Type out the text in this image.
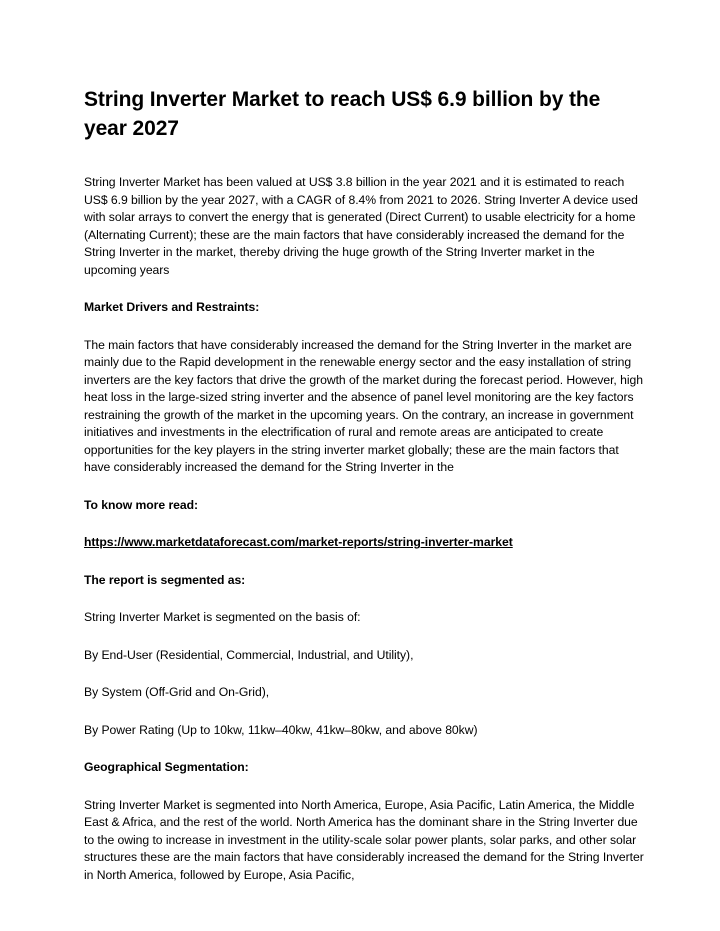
String Inverter Market to reach US$ 6.9 billion by the year 2027

String Inverter Market has been valued at US$ 3.8 billion in the year 2021 and it is estimated to reach US$ 6.9 billion by the year 2027, with a CAGR of 8.4% from 2021 to 2026. String Inverter A device used with solar arrays to convert the energy that is generated (Direct Current) to usable electricity for a home (Alternating Current); these are the main factors that have considerably increased the demand for the String Inverter in the market, thereby driving the huge growth of the String Inverter market in the upcoming years

Market Drivers and Restraints:

The main factors that have considerably increased the demand for the String Inverter in the market are mainly due to the Rapid development in the renewable energy sector and the easy installation of string inverters are the key factors that drive the growth of the market during the forecast period. However, high heat loss in the large-sized string inverter and the absence of panel level monitoring are the key factors restraining the growth of the market in the upcoming years. On the contrary, an increase in government initiatives and investments in the electrification of rural and remote areas are anticipated to create opportunities for the key players in the string inverter market globally; these are the main factors that have considerably increased the demand for the String Inverter in the

To know more read:

https://www.marketdataforecast.com/market-reports/string-inverter-market

The report is segmented as:

String Inverter Market is segmented on the basis of:

By End-User (Residential, Commercial, Industrial, and Utility),

By System (Off-Grid and On-Grid),

By Power Rating (Up to 10kw, 11kw–40kw, 41kw–80kw, and above 80kw)

Geographical Segmentation:

String Inverter Market is segmented into North America, Europe, Asia Pacific, Latin America, the Middle East & Africa, and the rest of the world. North America has the dominant share in the String Inverter due to the owing to increase in investment in the utility-scale solar power plants, solar parks, and other solar structures these are the main factors that have considerably increased the demand for the String Inverter in North America, followed by Europe, Asia Pacific,
